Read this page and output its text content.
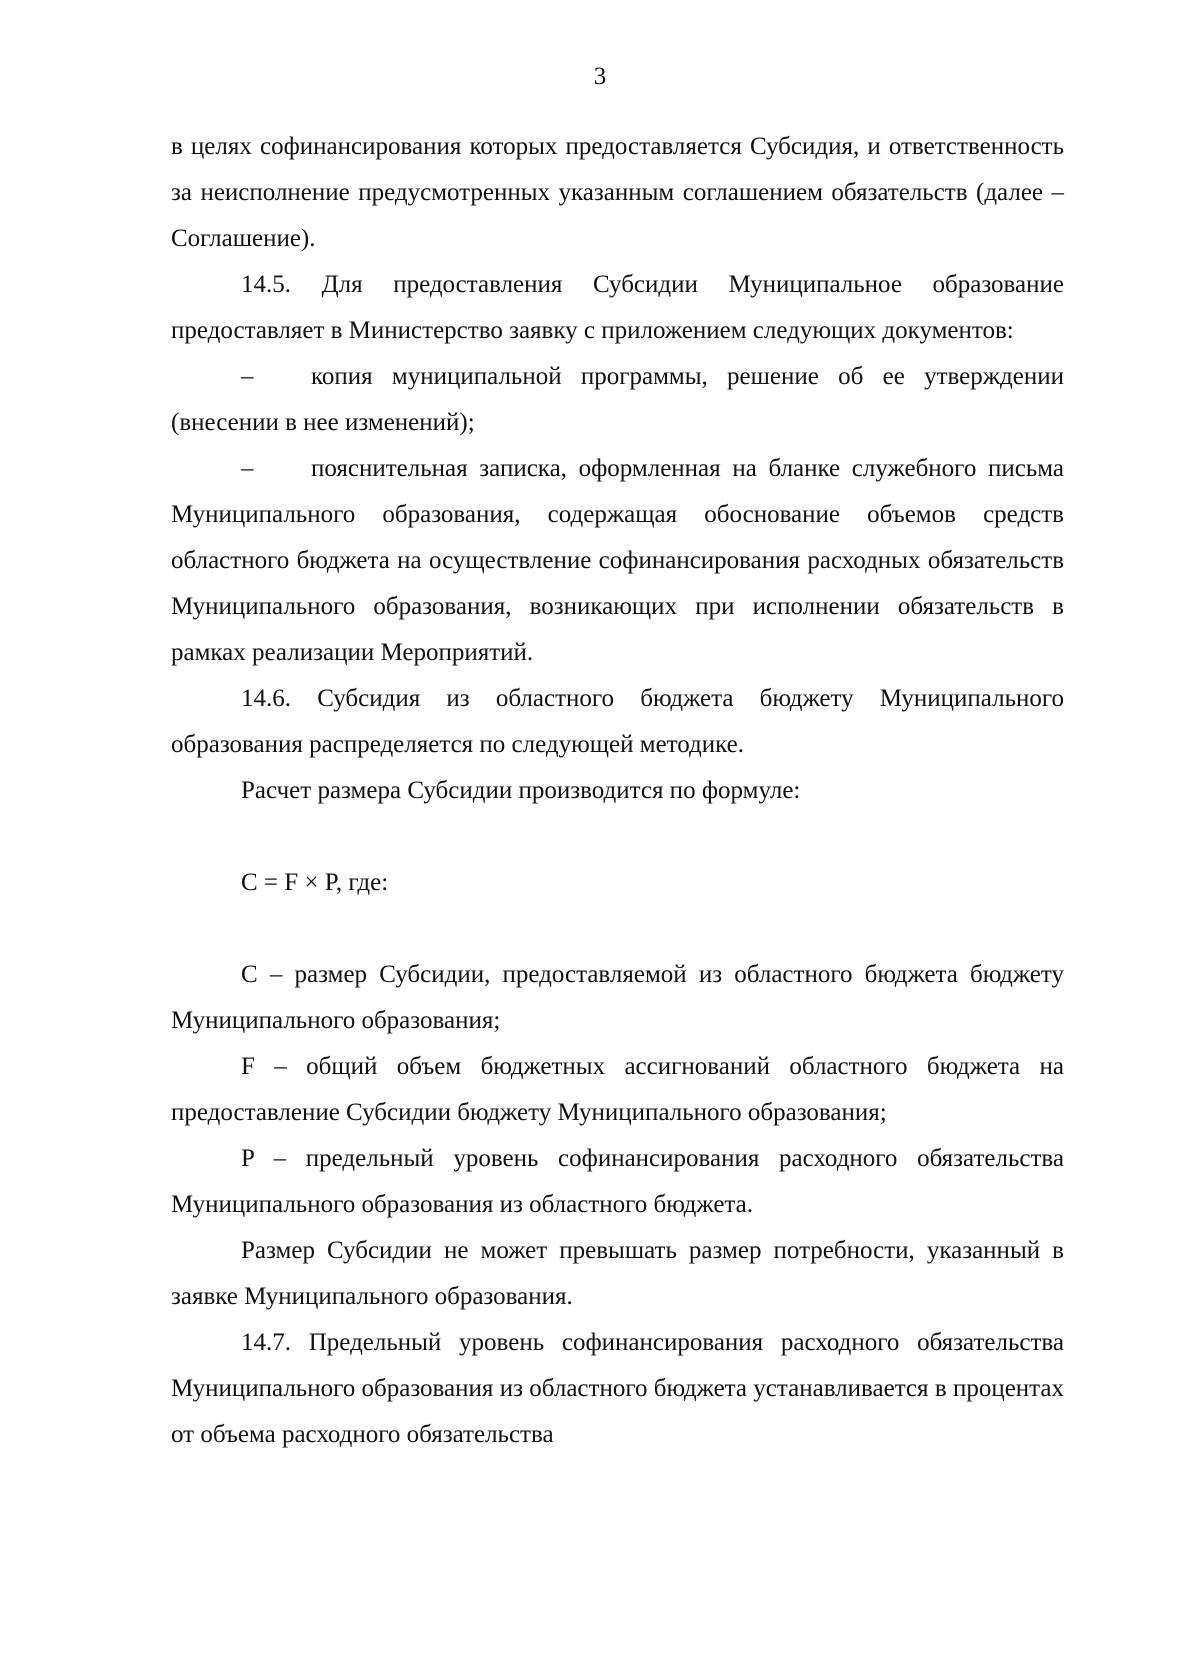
3

в целях софинансирования которых предоставляется Субсидия, и ответственность за неисполнение предусмотренных указанным соглашением обязательств (далее – Соглашение).

14.5. Для предоставления Субсидии Муниципальное образование предоставляет в Министерство заявку с приложением следующих документов:

– копия муниципальной программы, решение об ее утверждении (внесении в нее изменений);

– пояснительная записка, оформленная на бланке служебного письма Муниципального образования, содержащая обоснование объемов средств областного бюджета на осуществление софинансирования расходных обязательств Муниципального образования, возникающих при исполнении обязательств в рамках реализации Мероприятий.

14.6. Субсидия из областного бюджета бюджету Муниципального образования распределяется по следующей методике.

Расчет размера Субсидии производится по формуле:

C = F × P, где:

C – размер Субсидии, предоставляемой из областного бюджета бюджету Муниципального образования;

F – общий объем бюджетных ассигнований областного бюджета на предоставление Субсидии бюджету Муниципального образования;

P – предельный уровень софинансирования расходного обязательства Муниципального образования из областного бюджета.

Размер Субсидии не может превышать размер потребности, указанный в заявке Муниципального образования.

14.7. Предельный уровень софинансирования расходного обязательства Муниципального образования из областного бюджета устанавливается в процентах от объема расходного обязательства
